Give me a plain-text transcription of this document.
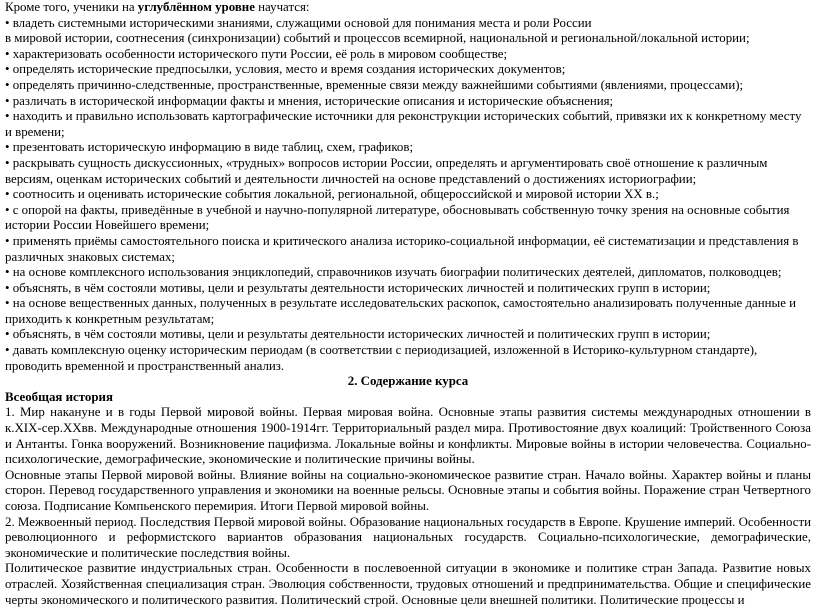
Кроме того, ученики на углублённом уровне научатся:

• владеть системными историческими знаниями, служащими основой для понимания места и роли России

в мировой истории, соотнесения (синхронизации) событий и процессов всемирной, национальной и региональной/локальной истории;

• характеризовать особенности исторического пути России, её роль в мировом сообществе;

• определять исторические предпосылки, условия, место и время создания исторических документов;

• определять причинно-следственные, пространственные, временные связи между важнейшими событиями (явлениями, процессами);

• различать в исторической информации факты и мнения, исторические описания и исторические объяснения;

• находить и правильно использовать картографические источники для реконструкции исторических событий, привязки их к конкретному месту и времени;

• презентовать историческую информацию в виде таблиц, схем, графиков;

• раскрывать сущность дискуссионных, «трудных» вопросов истории России, определять и аргументировать своё отношение к различным версиям, оценкам исторических событий и деятельности личностей на основе представлений о достижениях историографии;

• соотносить и оценивать исторические события локальной, региональной, общероссийской и мировой истории XX в.;

• с опорой на факты, приведённые в учебной и научно-популярной литературе, обосновывать собственную точку зрения на основные события истории России Новейшего времени;

• применять приёмы самостоятельного поиска и критического анализа историко-социальной информации, её систематизации и представления в различных знаковых системах;

• на основе комплексного использования энциклопедий, справочников изучать биографии политических деятелей, дипломатов, полководцев;

• объяснять, в чём состояли мотивы, цели и результаты деятельности исторических личностей и политических групп в истории;

• на основе вещественных данных, полученных в результате исследовательских раскопок, самостоятельно анализировать полученные данные и приходить к конкретным результатам;

• объяснять, в чём состояли мотивы, цели и результаты деятельности исторических личностей и политических групп в истории;

• давать комплексную оценку историческим периодам (в соответствии с периодизацией, изложенной в Историко-культурном стандарте), проводить временной и пространственный анализ.

2. Содержание курса

Всеобщая история

1. Мир накануне и в годы Первой мировой войны. Первая мировая война. Основные этапы развития системы международных отношении в к.XIX-сер.XXвв. Международные отношения 1900-1914гг. Территориальный раздел мира. Противостояние двух коалиций: Тройственного Союза и Антанты. Гонка вооружений. Возникновение пацифизма. Локальные войны и конфликты. Мировые войны в истории человечества. Социально-психологические, демографические, экономические и политические причины войны.

Основные этапы Первой мировой войны. Влияние войны на социально-экономическое развитие стран. Начало войны. Характер войны и планы сторон. Перевод государственного управления и экономики на военные рельсы. Основные этапы и события войны. Поражение стран Четвертного союза. Подписание Компьенского перемирия. Итоги Первой мировой войны.

2. Межвоенный период. Последствия Первой мировой войны. Образование национальных государств в Европе. Крушение империй. Особенности революционного и реформистского вариантов образования национальных государств. Социально-психологические, демографические, экономические и политические последствия войны.

Политическое развитие индустриальных стран. Особенности в послевоенной ситуации в экономике и политике стран Запада. Развитие новых отраслей. Хозяйственная специализация стран. Эволюция собственности, трудовых отношений и предпринимательства. Общие и специфические черты экономического и политического развития. Политический строй. Основные цели внешней политики. Политические процессы и
